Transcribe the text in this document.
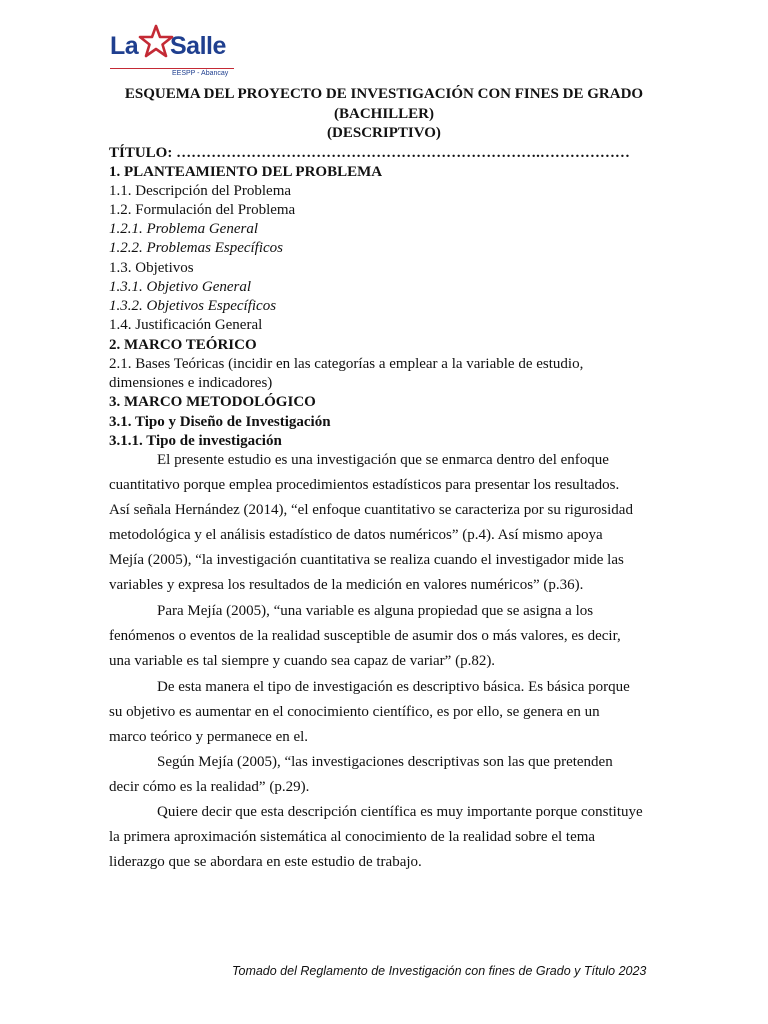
La Salle
EESPP - Abancay
ESQUEMA DEL PROYECTO DE INVESTIGACIÓN CON FINES DE GRADO
(BACHILLER)
(DESCRIPTIVO)
TÍTULO: ……………………………………………………………….………………
1. PLANTEAMIENTO DEL PROBLEMA
1.1. Descripción del Problema
1.2. Formulación del Problema
1.2.1. Problema General
1.2.2. Problemas Específicos
1.3. Objetivos
1.3.1. Objetivo General
1.3.2. Objetivos Específicos
1.4. Justificación General
2. MARCO TEÓRICO
2.1. Bases Teóricas (incidir en las categorías a emplear a la variable de estudio,
dimensiones e indicadores)
3. MARCO METODOLÓGICO
3.1. Tipo y Diseño de Investigación
3.1.1. Tipo de investigación
El presente estudio es una investigación que se enmarca dentro del enfoque
cuantitativo porque emplea procedimientos estadísticos para presentar los resultados.
Así señala Hernández (2014), “el enfoque cuantitativo se caracteriza por su rigurosidad
metodológica y el análisis estadístico de datos numéricos” (p.4). Así mismo apoya
Mejía (2005), “la investigación cuantitativa se realiza cuando el investigador mide las
variables y expresa los resultados de la medición en valores numéricos” (p.36).
Para Mejía (2005), “una variable es alguna propiedad que se asigna a los
fenómenos o eventos de la realidad susceptible de asumir dos o más valores, es decir,
una variable es tal siempre y cuando sea capaz de variar” (p.82).
De esta manera el tipo de investigación es descriptivo básica. Es básica porque
su objetivo es aumentar en el conocimiento científico, es por ello, se genera en un
marco teórico y permanece en el.
Según Mejía (2005), “las investigaciones descriptivas son las que pretenden
decir cómo es la realidad” (p.29).
Quiere decir que esta descripción científica es muy importante porque constituye
la primera aproximación sistemática al conocimiento de la realidad sobre el tema
liderazgo que se abordara en este estudio de trabajo.
Tomado del Reglamento de Investigación con fines de Grado y Título 2023
